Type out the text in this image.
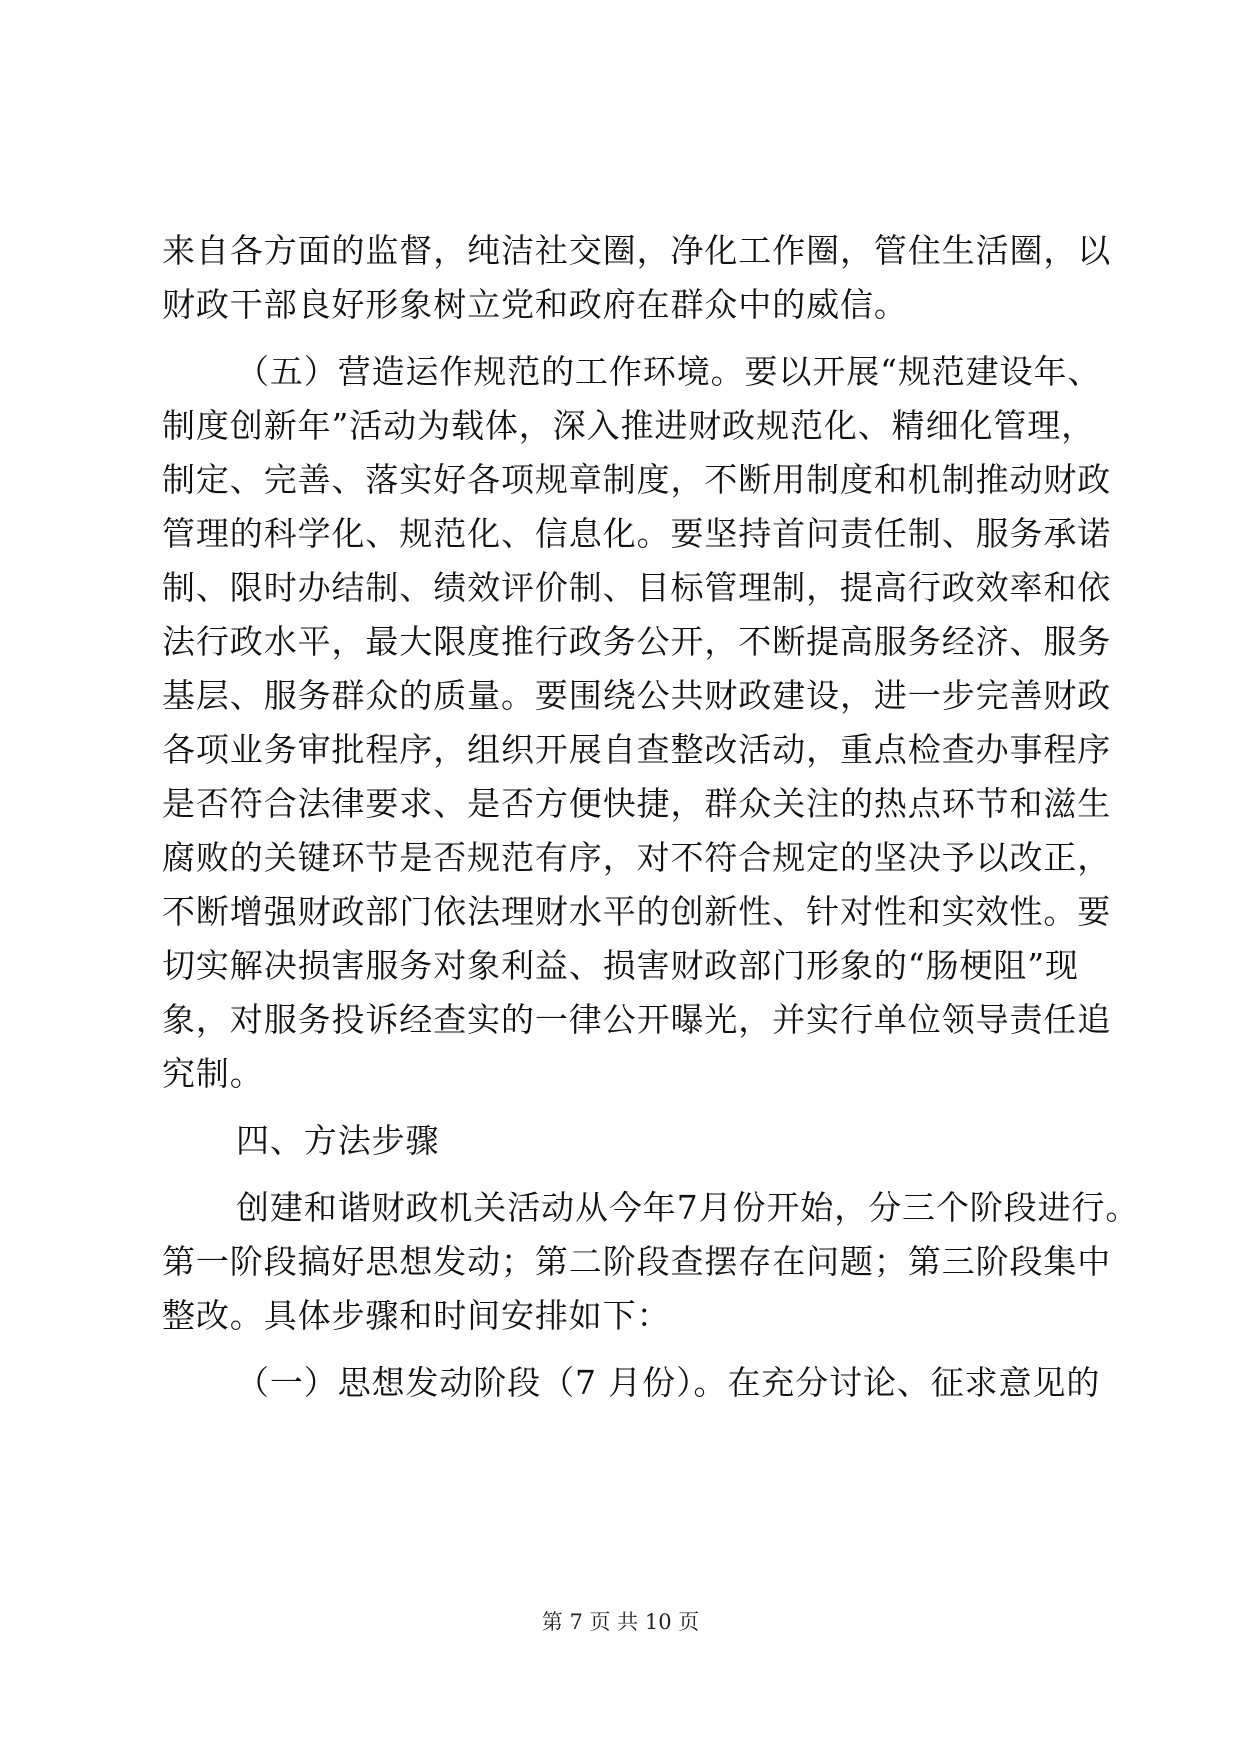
来自各方面的监督，纯洁社交圈，净化工作圈，管住生活圈，以
财政干部良好形象树立党和政府在群众中的威信。
（五）营造运作规范的工作环境。要以开展“规范建设年、
制度创新年”活动为载体，深入推进财政规范化、精细化管理，
制定、完善、落实好各项规章制度，不断用制度和机制推动财政
管理的科学化、规范化、信息化。要坚持首问责任制、服务承诺
制、限时办结制、绩效评价制、目标管理制，提高行政效率和依
法行政水平，最大限度推行政务公开，不断提高服务经济、服务
基层、服务群众的质量。要围绕公共财政建设，进一步完善财政
各项业务审批程序，组织开展自查整改活动，重点检查办事程序
是否符合法律要求、是否方便快捷，群众关注的热点环节和滋生
腐败的关键环节是否规范有序，对不符合规定的坚决予以改正，
不断增强财政部门依法理财水平的创新性、针对性和实效性。要
切实解决损害服务对象利益、损害财政部门形象的“肠梗阻”现
象，对服务投诉经查实的一律公开曝光，并实行单位领导责任追
究制。
四、方法步骤
创建和谐财政机关活动从今年7月份开始，分三个阶段进行。
第一阶段搞好思想发动；第二阶段查摆存在问题；第三阶段集中
整改。具体步骤和时间安排如下：
（一）思想发动阶段（7 月份）。在充分讨论、征求意见的
第 7 页 共 10 页
